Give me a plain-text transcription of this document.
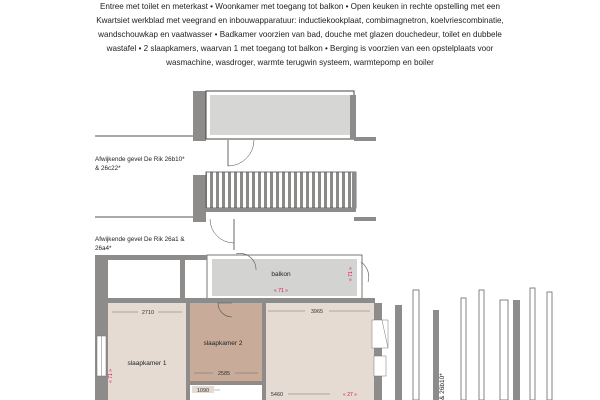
Entree met toilet en meterkast • Woonkamer met toegang tot balkon • Open keuken in rechte opstelling met een

Kwartsiet werkblad met veegrand en inbouwapparatuur: inductiekookplaat, combimagnetron, koelvriescombinatie,

wandschouwkap en vaatwasser • Badkamer voorzien van bad, douche met glazen douchedeur, toilet en dubbele

wastafel • 2 slaapkamers, waarvan 1 met toegang tot balkon • Berging is voorzien van een opstelplaats voor

wasmachine, wasdroger, warmte terugwin systeem, warmtepomp en boiler

balkon
« 71 »
« 71 »
slaapkamer 1
slaapkamer 2
2710	3965
2585
1090
5460	« 27 »
« 71 »	& 26b10*
Afwijkende gevel De Rik 26b10*
& 26c22*
Afwijkende gevel De Rik 26a1 &
26a4*
